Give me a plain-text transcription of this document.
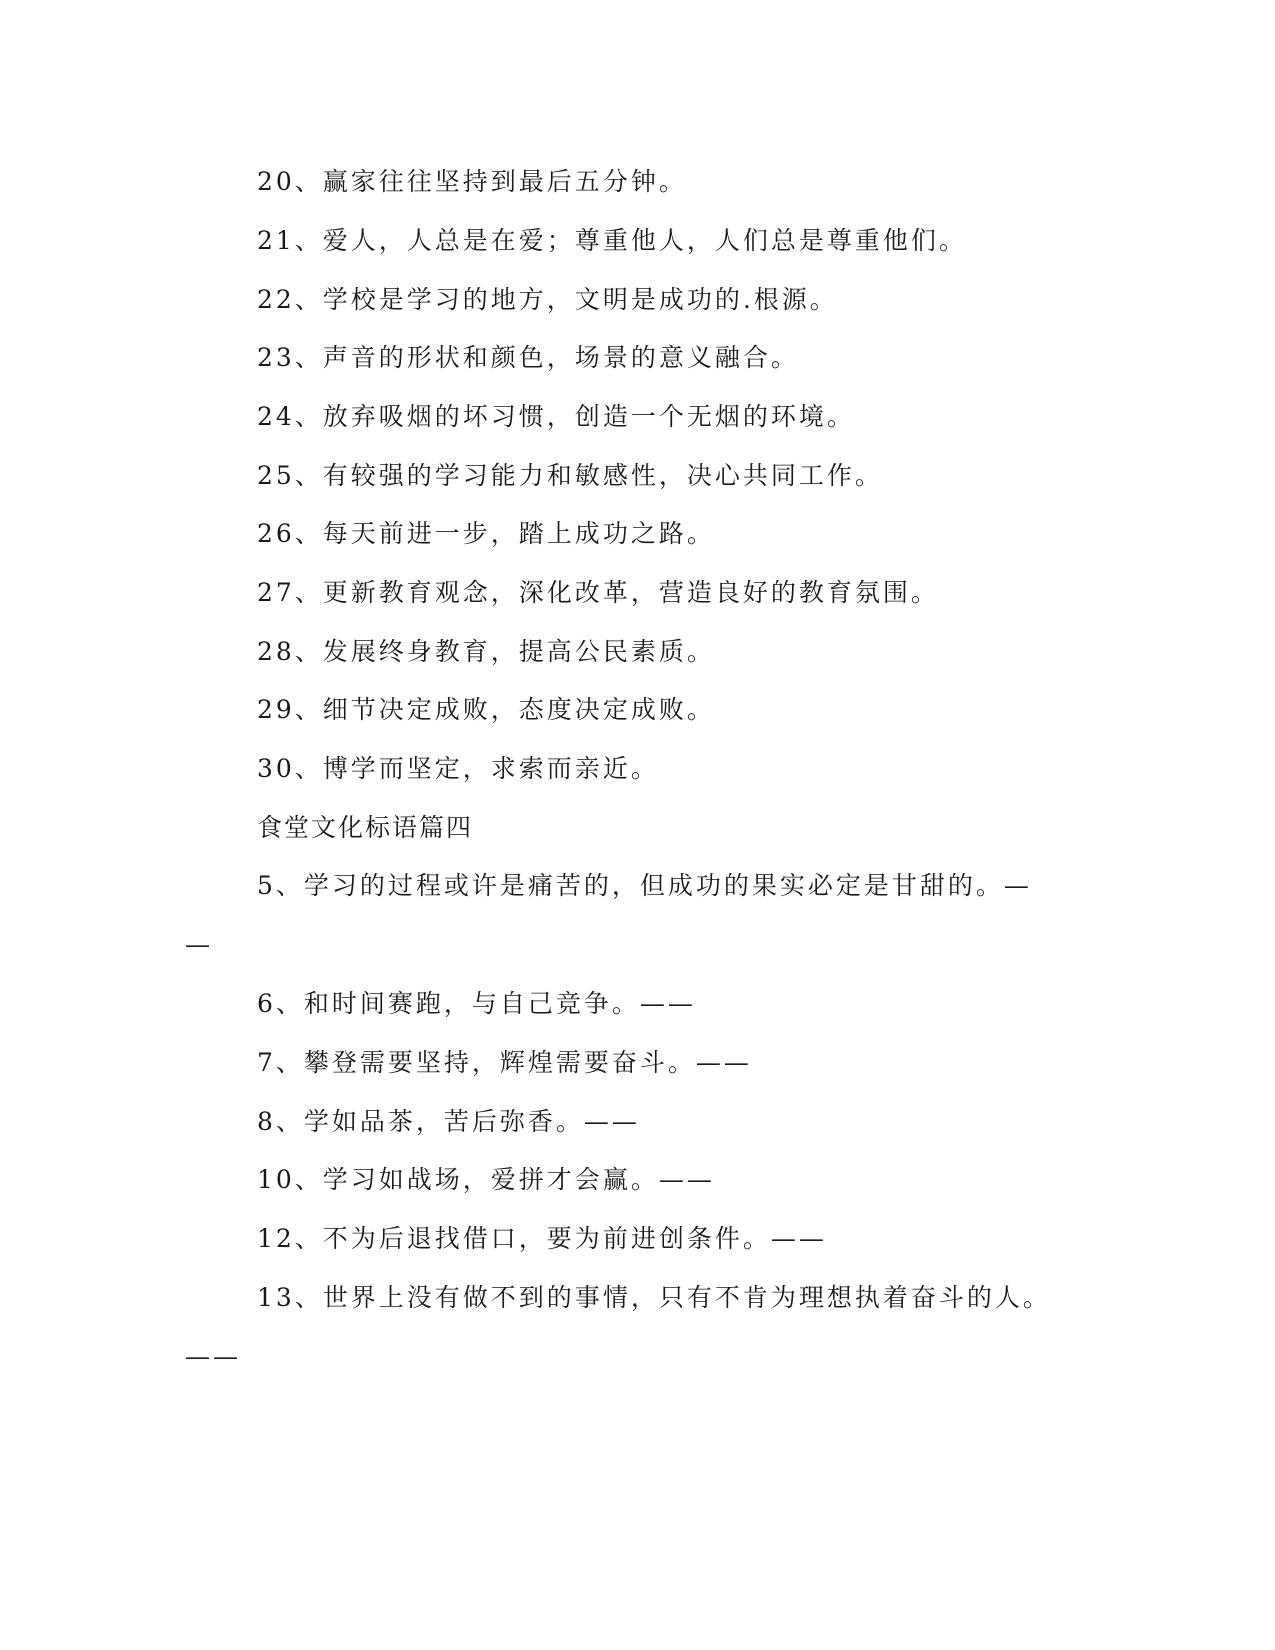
20、赢家往往坚持到最后五分钟。
21、爱人，人总是在爱；尊重他人，人们总是尊重他们。
22、学校是学习的地方，文明是成功的.根源。
23、声音的形状和颜色，场景的意义融合。
24、放弃吸烟的坏习惯，创造一个无烟的环境。
25、有较强的学习能力和敏感性，决心共同工作。
26、每天前进一步，踏上成功之路。
27、更新教育观念，深化改革，营造良好的教育氛围。
28、发展终身教育，提高公民素质。
29、细节决定成败，态度决定成败。
30、博学而坚定，求索而亲近。
食堂文化标语篇四
5、学习的过程或许是痛苦的，但成功的果实必定是甘甜的。—
—
6、和时间赛跑，与自己竞争。——
7、攀登需要坚持，辉煌需要奋斗。——
8、学如品茶，苦后弥香。——
10、学习如战场，爱拼才会赢。——
12、不为后退找借口，要为前进创条件。——
13、世界上没有做不到的事情，只有不肯为理想执着奋斗的人。
——
